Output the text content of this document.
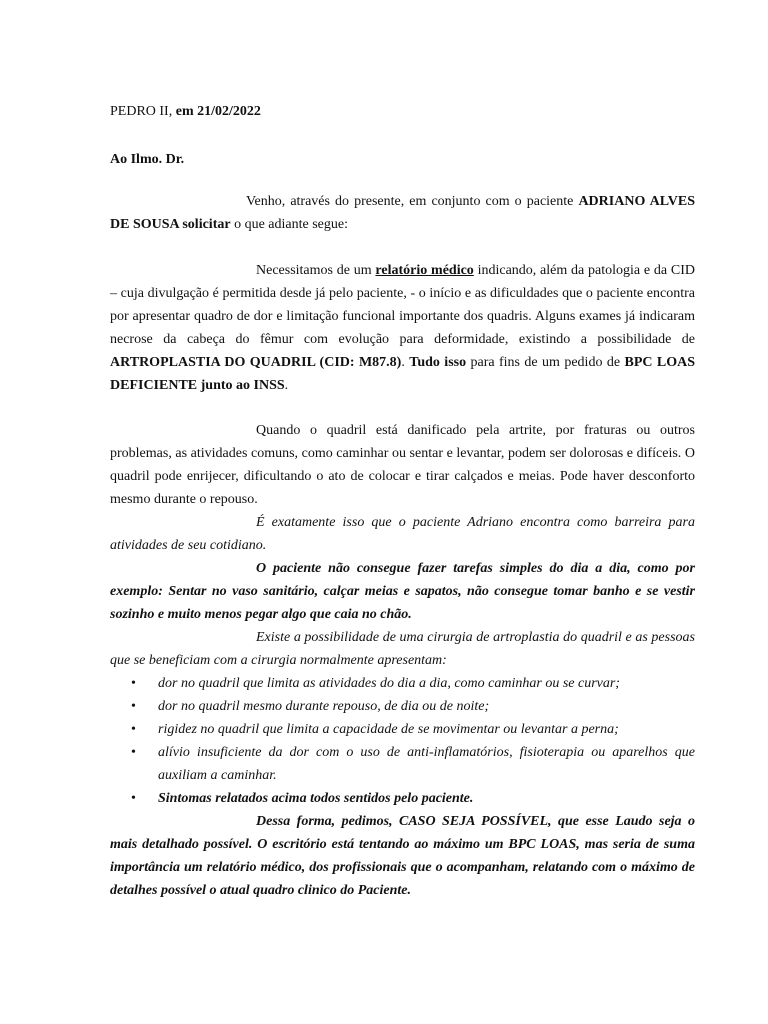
PEDRO II, em 21/02/2022

Ao Ilmo. Dr.

Venho, através do presente, em conjunto com o paciente ADRIANO ALVES DE SOUSA solicitar o que adiante segue:

Necessitamos de um relatório médico indicando, além da patologia e da CID – cuja divulgação é permitida desde já pelo paciente, - o início e as dificuldades que o paciente encontra por apresentar quadro de dor e limitação funcional importante dos quadris. Alguns exames já indicaram necrose da cabeça do fêmur com evolução para deformidade, existindo a possibilidade de ARTROPLASTIA DO QUADRIL (CID: M87.8). Tudo isso para fins de um pedido de BPC LOAS DEFICIENTE junto ao INSS.

Quando o quadril está danificado pela artrite, por fraturas ou outros problemas, as atividades comuns, como caminhar ou sentar e levantar, podem ser dolorosas e difíceis. O quadril pode enrijecer, dificultando o ato de colocar e tirar calçados e meias. Pode haver desconforto mesmo durante o repouso.

É exatamente isso que o paciente Adriano encontra como barreira para atividades de seu cotidiano.

O paciente não consegue fazer tarefas simples do dia a dia, como por exemplo: Sentar no vaso sanitário, calçar meias e sapatos, não consegue tomar banho e se vestir sozinho e muito menos pegar algo que caia no chão.

Existe a possibilidade de uma cirurgia de artroplastia do quadril e as pessoas que se beneficiam com a cirurgia normalmente apresentam:

• dor no quadril que limita as atividades do dia a dia, como caminhar ou se curvar;
• dor no quadril mesmo durante repouso, de dia ou de noite;
• rigidez no quadril que limita a capacidade de se movimentar ou levantar a perna;
• alívio insuficiente da dor com o uso de anti-inflamatórios, fisioterapia ou aparelhos que auxiliam a caminhar.
• Sintomas relatados acima todos sentidos pelo paciente.

Dessa forma, pedimos, CASO SEJA POSSÍVEL, que esse Laudo seja o mais detalhado possível. O escritório está tentando ao máximo um BPC LOAS, mas seria de suma importância um relatório médico, dos profissionais que o acompanham, relatando com o máximo de detalhes possível o atual quadro clinico do Paciente.
